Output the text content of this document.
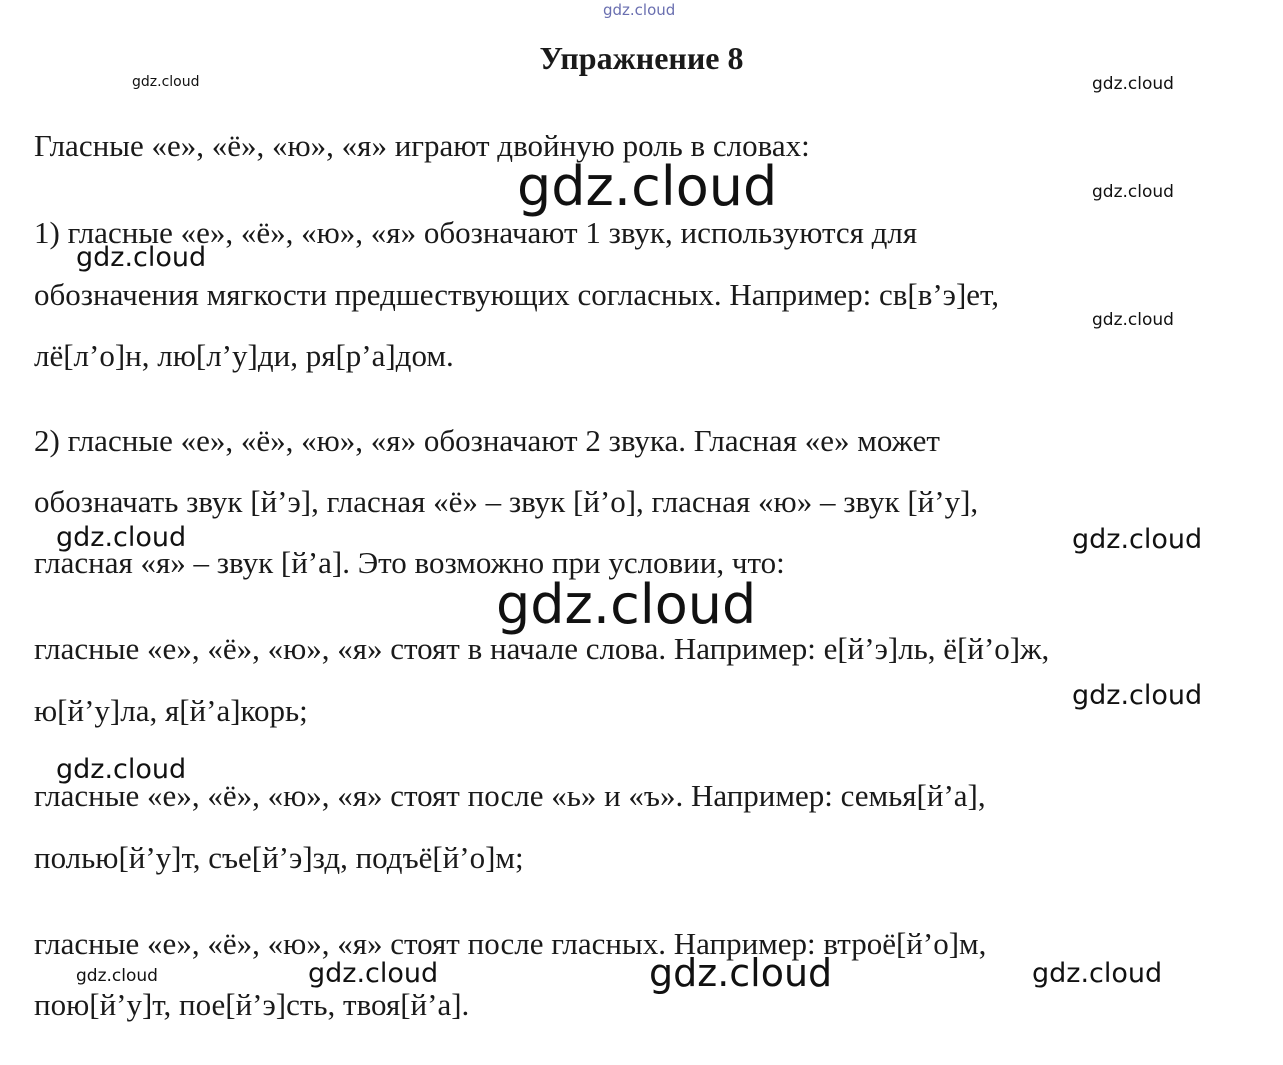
gdz.cloud
Упражнение 8
Гласные «е», «ё», «ю», «я» играют двойную роль в словах:
1) гласные «е», «ё», «ю», «я» обозначают 1 звук, используются для
обозначения мягкости предшествующих согласных. Например: св[в’э]ет,
лё[л’о]н, лю[л’у]ди, ря[р’а]дом.
2) гласные «е», «ё», «ю», «я» обозначают 2 звука. Гласная «е» может
обозначать звук [й’э], гласная «ё» – звук [й’о], гласная «ю» – звук [й’у],
гласная «я» – звук [й’а]. Это возможно при условии, что:
гласные «е», «ё», «ю», «я» стоят в начале слова. Например: е[й’э]ль, ё[й’о]ж,
ю[й’у]ла, я[й’а]корь;
гласные «е», «ё», «ю», «я» стоят после «ь» и «ъ». Например: семья[й’а],
полью[й’у]т, съе[й’э]зд, подъё[й’о]м;
гласные «е», «ё», «ю», «я» стоят после гласных. Например: втроё[й’о]м,
пою[й’у]т, пое[й’э]сть, твоя[й’а].
gdz.cloud	gdz.cloud
gdz.cloud	gdz.cloud
gdz.cloud
gdz.cloud
gdz.cloud	gdz.cloud
gdz.cloud
gdz.cloud
gdz.cloud
gdz.cloud	gdz.cloud	gdz.cloud	gdz.cloud
